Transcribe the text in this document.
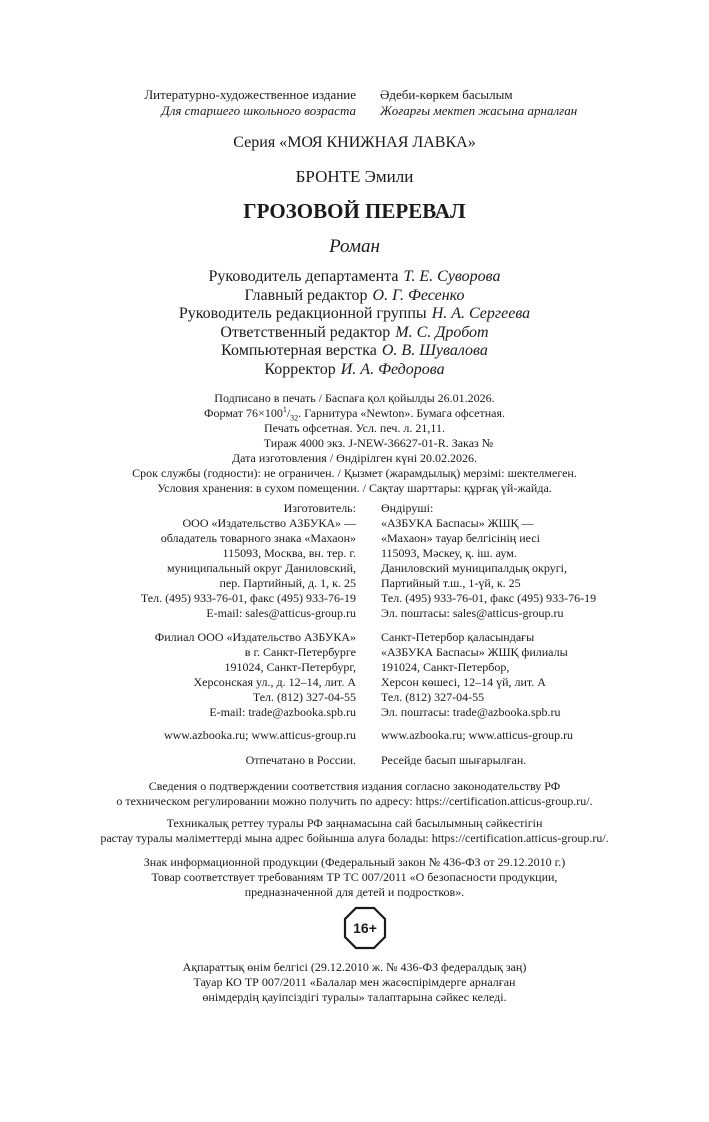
Литературно-художественное издание
Для старшего школьного возраста
Әдеби-көркем басылым
Жоғарғы мектеп жасына арналған
Серия «МОЯ КНИЖНАЯ ЛАВКА»
БРОНТЕ Эмили
ГРОЗОВОЙ ПЕРЕВАЛ
Роман
Руководитель департамента Т. Е. Суворова
Главный редактор О. Г. Фесенко
Руководитель редакционной группы Н. А. Сергеева
Ответственный редактор М. С. Дробот
Компьютерная верстка О. В. Шувалова
Корректор И. А. Федорова
Подписано в печать / Баспаға қол қойылды 26.01.2026.
Формат $76\times 100^1/_{32}$. Гарнитура «Newton». Бумага офсетная.
Печать офсетная. Усл. печ. л. 21,11.
Тираж 4000 экз. J-NEW-36627-01-R. Заказ №
Дата изготовления / Өндірілген күні 20.02.2026.
Срок службы (годности): не ограничен. / Қызмет (жарамдылық) мерзімі: шектелмеген.
Условия хранения: в сухом помещении. / Сақтау шарттары: құрғақ үй-жайда.
Изготовитель:
ООО «Издательство АЗБУКА» —
обладатель товарного знака «Махаон»
115093, Москва, вн. тер. г.
муниципальный округ Даниловский,
пер. Партийный, д. 1, к. 25
Тел. (495) 933-76-01, факс (495) 933-76-19
E-mail: sales@atticus-group.ru
Өндіруші:
«АЗБУКА Баспасы» ЖШҚ —
«Махаон» тауар белгісінің иесі
115093, Мәскеу, қ. іш. аум.
Даниловский муниципалдық округі,
Партийный т.ш., 1-үй, к. 25
Тел. (495) 933-76-01, факс (495) 933-76-19
Эл. поштасы: sales@atticus-group.ru
Филиал ООО «Издательство АЗБУКА»
в г. Санкт-Петербурге
191024, Санкт-Петербург,
Херсонская ул., д. 12–14, лит. А
Тел. (812) 327-04-55
E-mail: trade@azbooka.spb.ru
Санкт-Петербор қаласындағы
«АЗБУКА Баспасы» ЖШҚ филиалы
191024, Санкт-Петербор,
Херсон көшесі, 12–14 үй, лит. А
Тел. (812) 327-04-55
Эл. поштасы: trade@azbooka.spb.ru
www.azbooka.ru; www.atticus-group.ru www.azbooka.ru; www.atticus-group.ru
Отпечатано в России. Ресейде басып шығарылған.
Сведения о подтверждении соответствия издания согласно законодательству РФ
о техническом регулировании можно получить по адресу: https://certification.atticus-group.ru/.
Техникалық реттеу туралы РФ заңнамасына сай басылымның сәйкестігін
растау туралы мәліметтерді мына адрес бойынша алуға болады: https://certification.atticus-group.ru/.
Знак информационной продукции (Федеральный закон № 436-ФЗ от 29.12.2010 г.)
Товар соответствует требованиям ТР ТС 007/2011 «О безопасности продукции,
предназначенной для детей и подростков».
16+
Ақпараттық өнім белгісі (29.12.2010 ж. № 436-ФЗ федералдық заң)
Тауар КО ТР 007/2011 «Балалар мен жасөспірімдерге арналған
өнімдердің қауіпсіздігі туралы» талаптарына сәйкес келеді.
